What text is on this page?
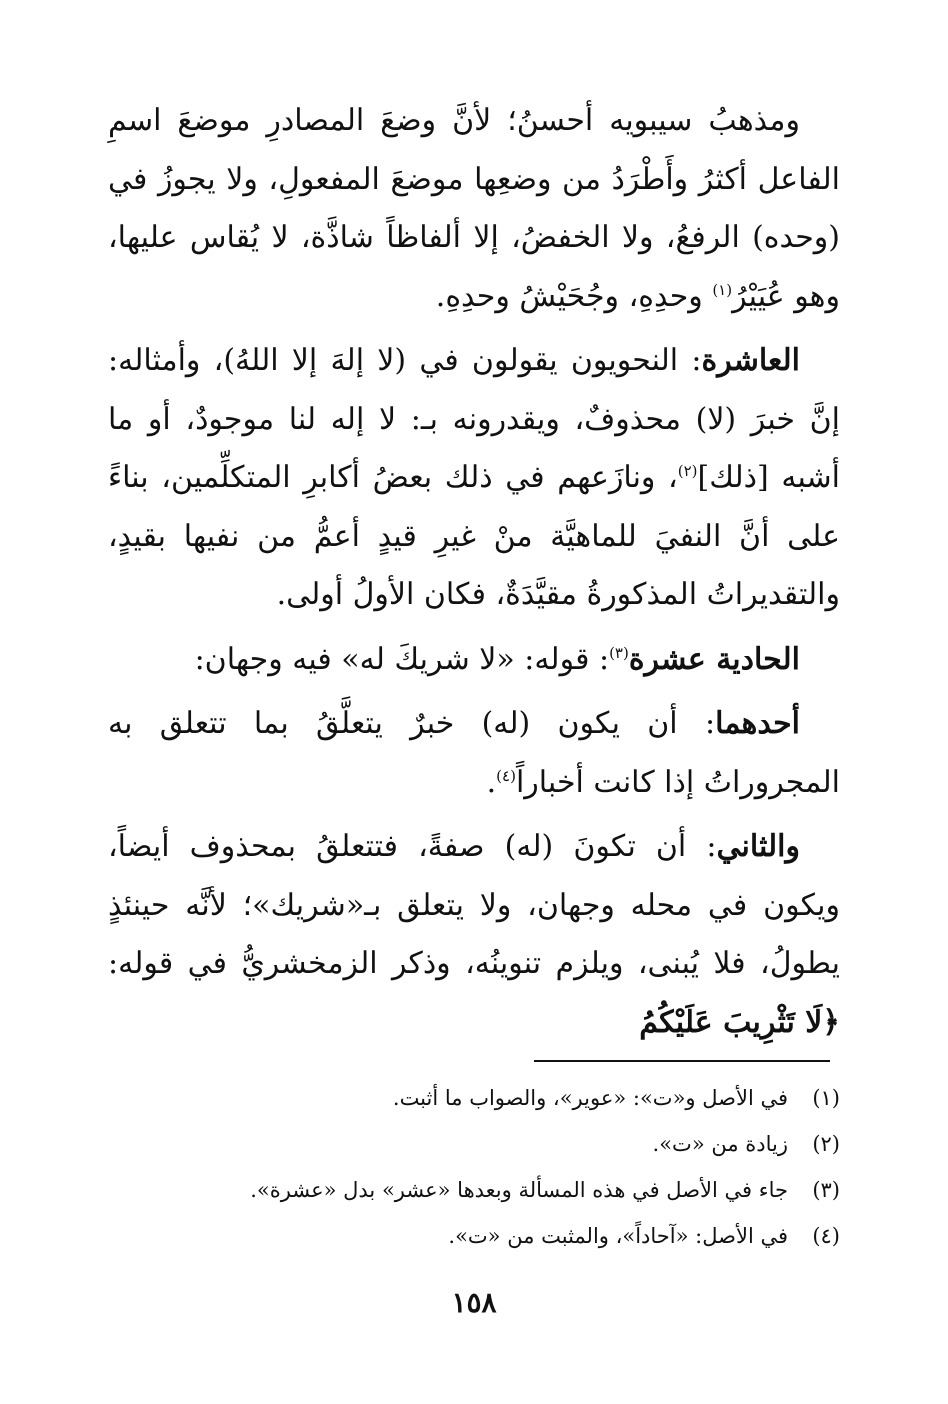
ومذهبُ سيبويه أحسنُ؛ لأنَّ وضعَ المصادرِ موضعَ اسمِ الفاعل أكثرُ وأَطْرَدُ من وضعِها موضعَ المفعولِ، ولا يجوزُ في (وحده) الرفعُ، ولا الخفضُ، إلا ألفاظاً شاذَّة، لا يُقاس عليها، وهو عُيَيْرُ$^{(١)}$ وحدِهِ، وجُحَيْشُ وحدِهِ.

العاشرة: النحويون يقولون في (لا إلهَ إلا اللهُ)، وأمثاله: إنَّ خبرَ (لا) محذوفٌ، ويقدرونه بـ: لا إله لنا موجودٌ، أو ما أشبه [ذلك]$^{(٢)}$، ونازَعهم في ذلك بعضُ أكابرِ المتكلِّمين، بناءً على أنَّ النفيَ للماهيَّة منْ غيرِ قيدٍ أعمُّ من نفيها بقيدٍ، والتقديراتُ المذكورةُ مقيَّدَةٌ، فكان الأولُ أولى.

الحادية عشرة$^{(٣)}$: قوله: «لا شريكَ له» فيه وجهان:

أحدهما: أن يكون (له) خبرٌ يتعلَّقُ بما تتعلق به المجروراتُ إذا كانت أخباراً$^{(٤)}$.

والثاني: أن تكونَ (له) صفةً، فتتعلقُ بمحذوف أيضاً، ويكون في محله وجهان، ولا يتعلق بـ«شريك»؛ لأنَّه حينئذٍ يطولُ، فلا يُبنى، ويلزم تنوينُه، وذكر الزمخشريُّ في قوله: ﴿لَا تَثْرِيبَ عَلَيْكُمُ

(١)
في الأصل و«ت»: «عوير»، والصواب ما أثبت.
(٢)
زيادة من «ت».
(٣)
جاء في الأصل في هذه المسألة وبعدها «عشر» بدل «عشرة».
(٤)
في الأصل: «آحاداً»، والمثبت من «ت».
١٥٨
